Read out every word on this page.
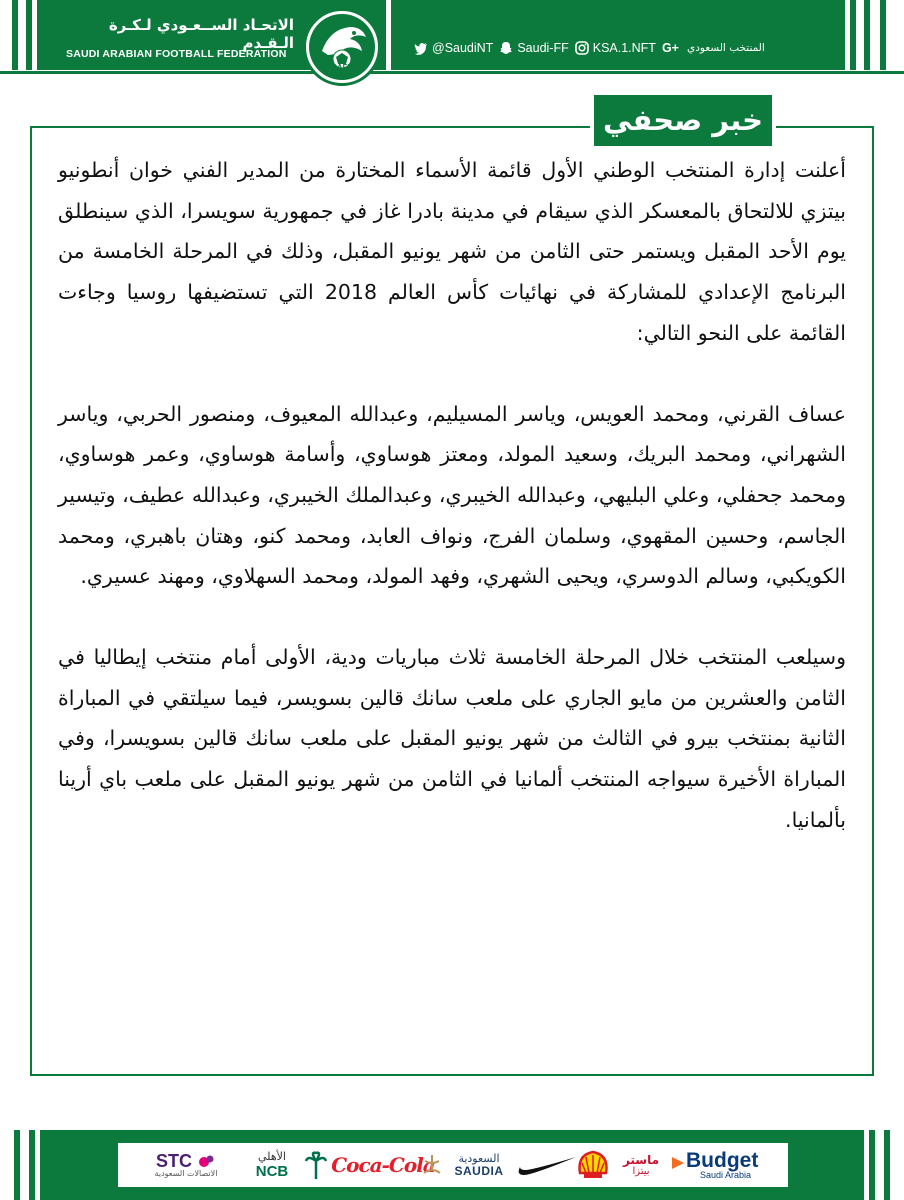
الاتحـاد الســعـودي لـكـرة الـقـدم
SAUDI ARABIAN FOOTBALL FEDERATION
SAFF
@SaudiNT Saudi-FF KSA.1.NFT G+ المنتخب السعودي
خبر صحفي

أعلنت إدارة المنتخب الوطني الأول قائمة الأسماء المختارة من المدير الفني خوان أنطونيو بيتزي للالتحاق بالمعسكر الذي سيقام في مدينة بادرا غاز في جمهورية سويسرا، الذي سينطلق يوم الأحد المقبل ويستمر حتى الثامن من شهر يونيو المقبل، وذلك في المرحلة الخامسة من البرنامج الإعدادي للمشاركة في نهائيات كأس العالم 2018 التي تستضيفها روسيا وجاءت القائمة على النحو التالي:

عساف القرني، ومحمد العويس، وياسر المسيليم، وعبدالله المعيوف، ومنصور الحربي، وياسر الشهراني، ومحمد البريك، وسعيد المولد، ومعتز هوساوي، وأسامة هوساوي، وعمر هوساوي، ومحمد جحفلي، وعلي البليهي، وعبدالله الخيبري، وعبدالملك الخيبري، وعبدالله عطيف، وتيسير الجاسم، وحسين المقهوي، وسلمان الفرج، ونواف العابد، ومحمد كنو، وهتان باهبري، ومحمد الكويكبي، وسالم الدوسري، ويحيى الشهري، وفهد المولد، ومحمد السهلاوي، ومهند عسيري.

وسيلعب المنتخب خلال المرحلة الخامسة ثلاث مباريات ودية، الأولى أمام منتخب إيطاليا في الثامن والعشرين من مايو الجاري على ملعب سانك قالين بسويسر، فيما سيلتقي في المباراة الثانية بمنتخب بيرو في الثالث من شهر يونيو المقبل على ملعب سانك قالين بسويسرا، وفي المباراة الأخيرة سيواجه المنتخب ألمانيا في الثامن من شهر يونيو المقبل على ملعب باي أرينا بألمانيا.

STC
الاتصالات السعودية
الأهلي
NCB Coca-Cola السعودية
SAUDIA
ماستر
بيتزا Budget
Saudi Arabia
